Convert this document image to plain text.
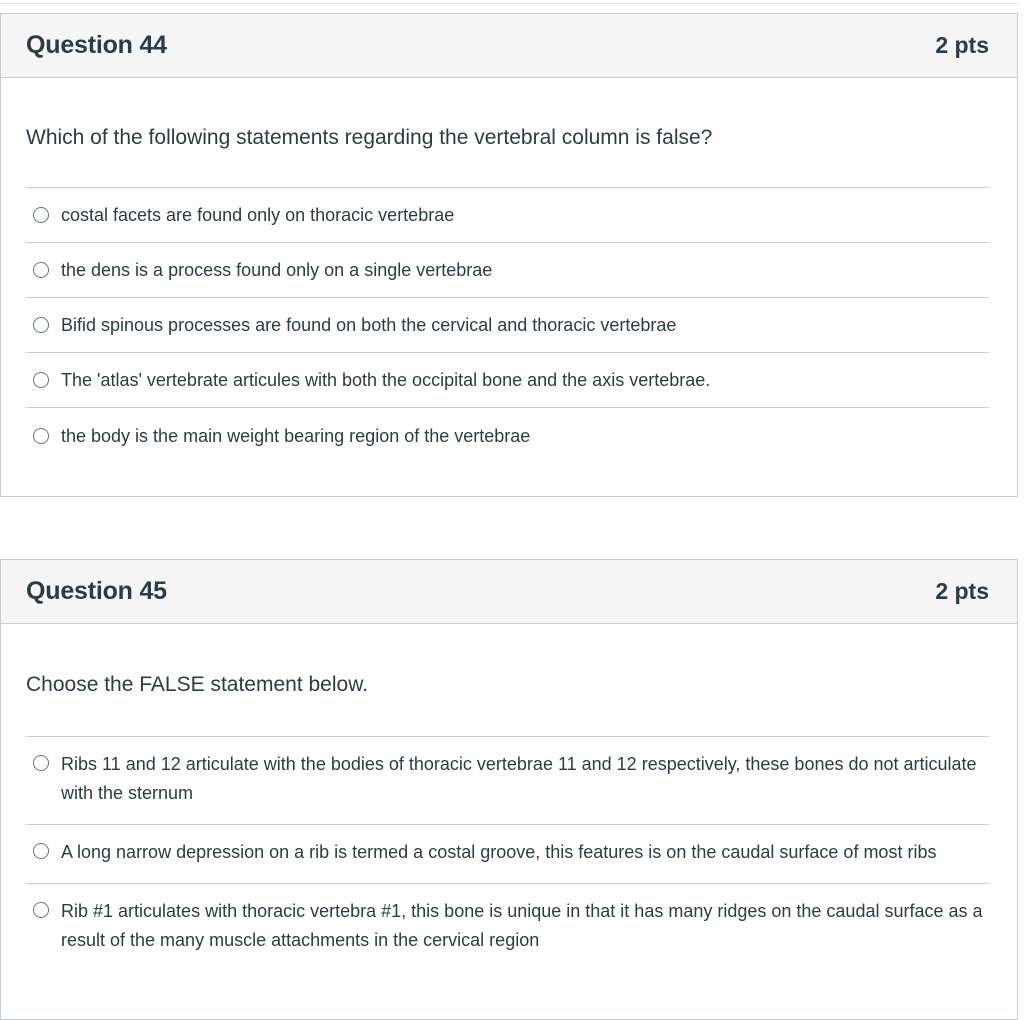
Question 44	2 pts
Which of the following statements regarding the vertebral column is false?
costal facets are found only on thoracic vertebrae
the dens is a process found only on a single vertebrae
Bifid spinous processes are found on both the cervical and thoracic vertebrae
The 'atlas' vertebrate articules with both the occipital bone and the axis vertebrae.
the body is the main weight bearing region of the vertebrae
Question 45	2 pts
Choose the FALSE statement below.
Ribs 11 and 12 articulate with the bodies of thoracic vertebrae 11 and 12 respectively, these bones do not articulate with the sternum
A long narrow depression on a rib is termed a costal groove, this features is on the caudal surface of most ribs
Rib #1 articulates with thoracic vertebra #1, this bone is unique in that it has many ridges on the caudal surface as a result of the many muscle attachments in the cervical region
